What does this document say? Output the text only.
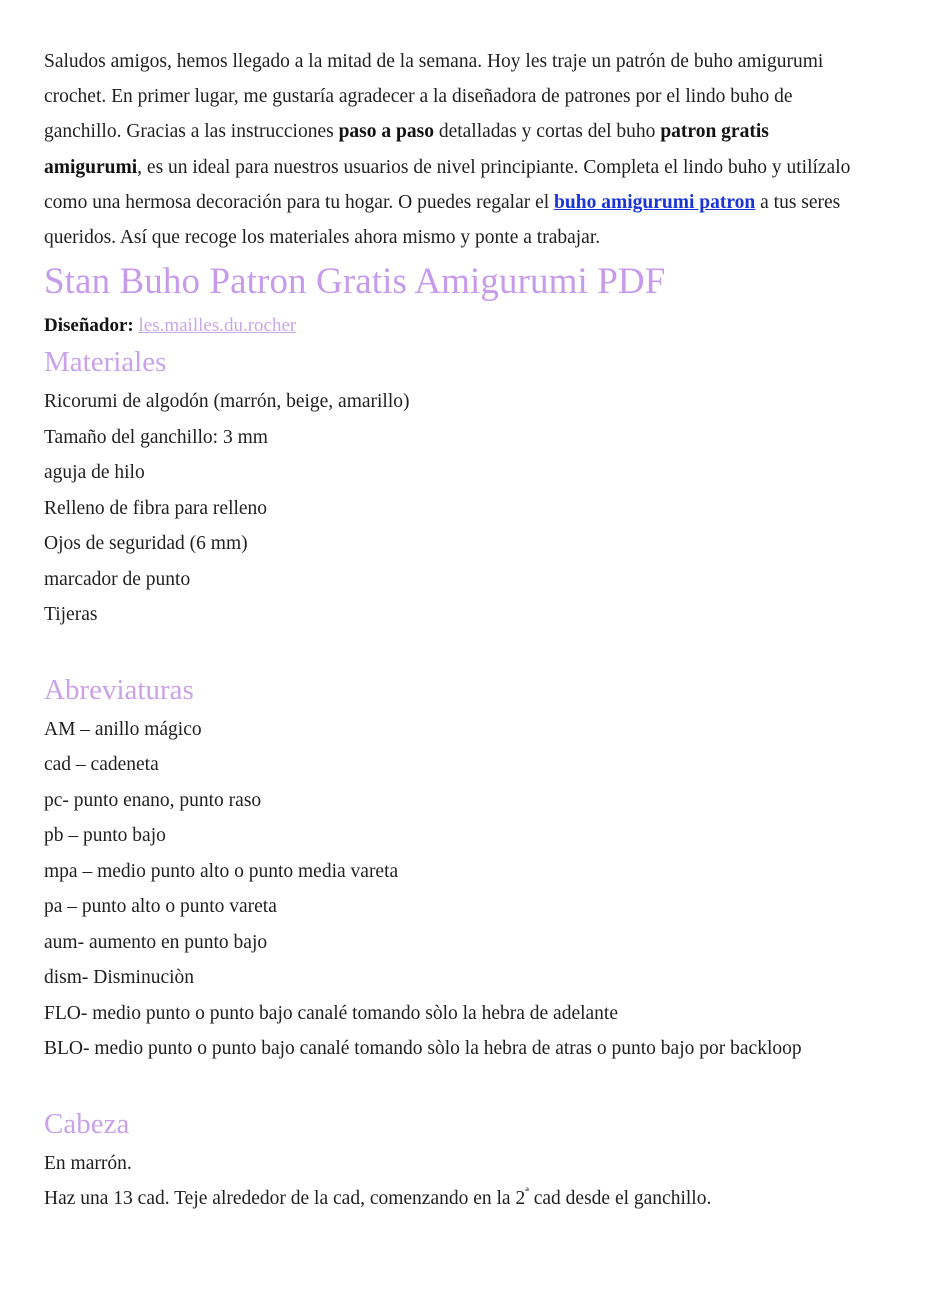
Saludos amigos, hemos llegado a la mitad de la semana. Hoy les traje un patrón de buho amigurumi crochet. En primer lugar, me gustaría agradecer a la diseñadora de patrones por el lindo buho de ganchillo. Gracias a las instrucciones paso a paso detalladas y cortas del buho patron gratis amigurumi, es un ideal para nuestros usuarios de nivel principiante. Completa el lindo buho y utilízalo como una hermosa decoración para tu hogar. O puedes regalar el buho amigurumi patron a tus seres queridos. Así que recoge los materiales ahora mismo y ponte a trabajar.

Stan Buho Patron Gratis Amigurumi PDF

Diseñador: les.mailles.du.rocher

Materiales

Ricorumi de algodón (marrón, beige, amarillo)

Tamaño del ganchillo: 3 mm

aguja de hilo

Relleno de fibra para relleno

Ojos de seguridad (6 mm)

marcador de punto

Tijeras

Abreviaturas

AM – anillo mágico

cad – cadeneta

pc- punto enano, punto raso

pb – punto bajo

mpa – medio punto alto o punto media vareta

pa – punto alto o punto vareta

aum- aumento en punto bajo

dism- Disminuciòn

FLO- medio punto o punto bajo canalé tomando sòlo la hebra de adelante

BLO- medio punto o punto bajo canalé tomando sòlo la hebra de atras o punto bajo por backloop

Cabeza

En marrón.

Haz una 13 cad. Teje alrededor de la cad, comenzando en la $2^ª$ cad desde el ganchillo.
